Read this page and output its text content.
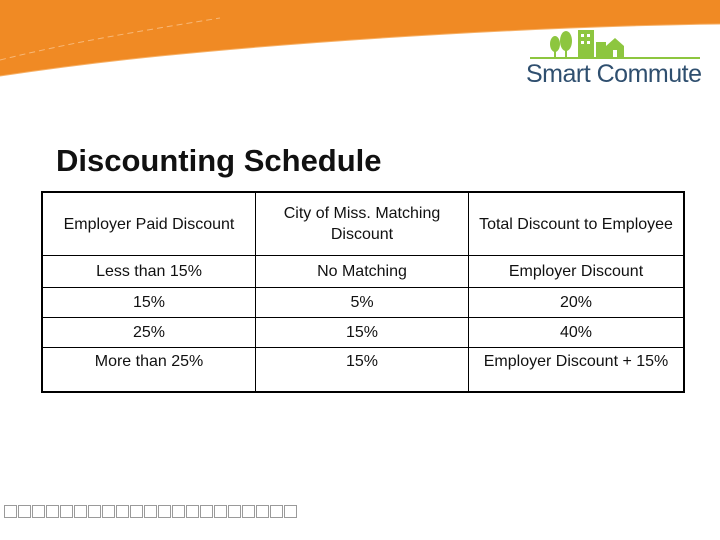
Smart Commute
Discounting Schedule
Employer Paid Discount	City of Miss. Matching Discount	Total Discount to Employee
Less than 15%	No Matching	Employer Discount
15%	5%	20%
25%	15%	40%
More than 25%	15%	Employer Discount + 15%
